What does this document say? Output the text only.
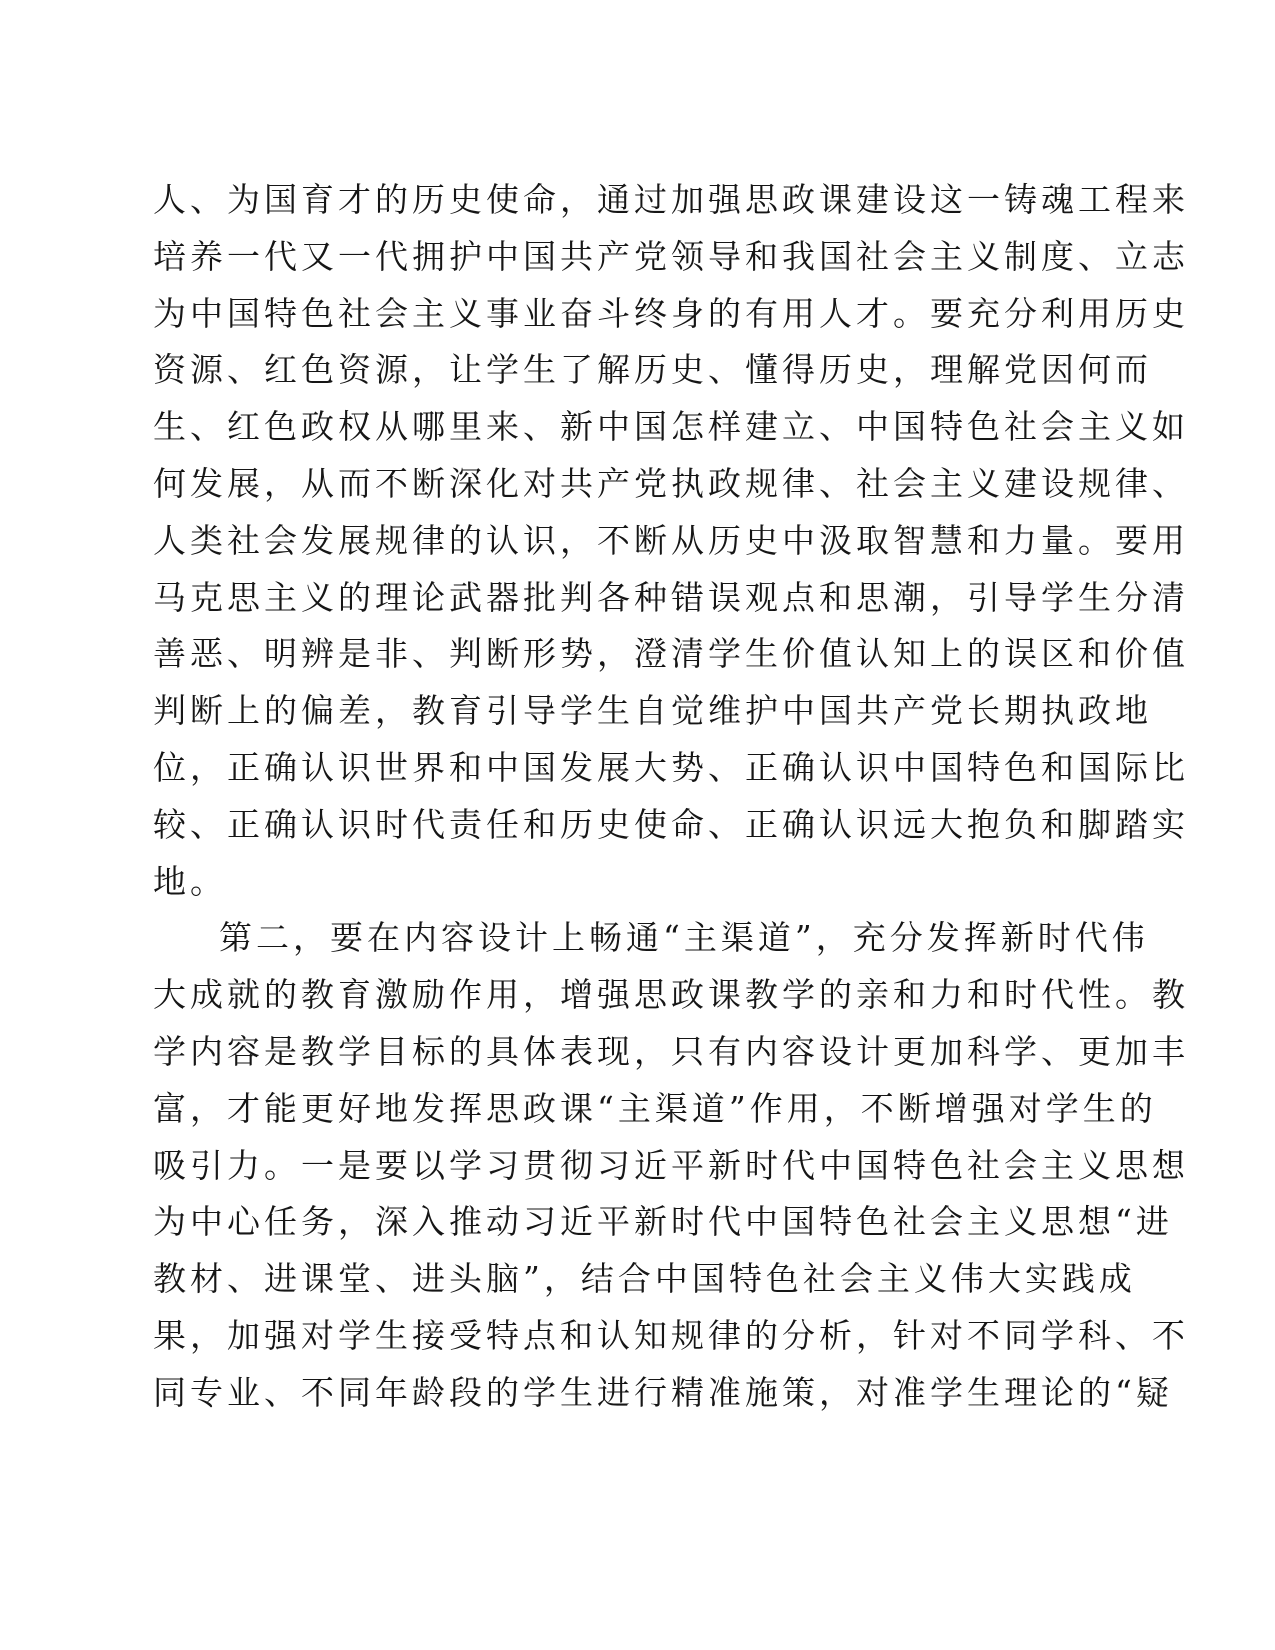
人、为国育才的历史使命，通过加强思政课建设这一铸魂工程来
培养一代又一代拥护中国共产党领导和我国社会主义制度、立志
为中国特色社会主义事业奋斗终身的有用人才。要充分利用历史
资源、红色资源，让学生了解历史、懂得历史，理解党因何而
生、红色政权从哪里来、新中国怎样建立、中国特色社会主义如
何发展，从而不断深化对共产党执政规律、社会主义建设规律、
人类社会发展规律的认识，不断从历史中汲取智慧和力量。要用
马克思主义的理论武器批判各种错误观点和思潮，引导学生分清
善恶、明辨是非、判断形势，澄清学生价值认知上的误区和价值
判断上的偏差，教育引导学生自觉维护中国共产党长期执政地
位，正确认识世界和中国发展大势、正确认识中国特色和国际比
较、正确认识时代责任和历史使命、正确认识远大抱负和脚踏实
地。
第二，要在内容设计上畅通“主渠道”，充分发挥新时代伟
大成就的教育激励作用，增强思政课教学的亲和力和时代性。教
学内容是教学目标的具体表现，只有内容设计更加科学、更加丰
富，才能更好地发挥思政课“主渠道”作用，不断增强对学生的
吸引力。一是要以学习贯彻习近平新时代中国特色社会主义思想
为中心任务，深入推动习近平新时代中国特色社会主义思想“进
教材、进课堂、进头脑”，结合中国特色社会主义伟大实践成
果，加强对学生接受特点和认知规律的分析，针对不同学科、不
同专业、不同年龄段的学生进行精准施策，对准学生理论的“疑
